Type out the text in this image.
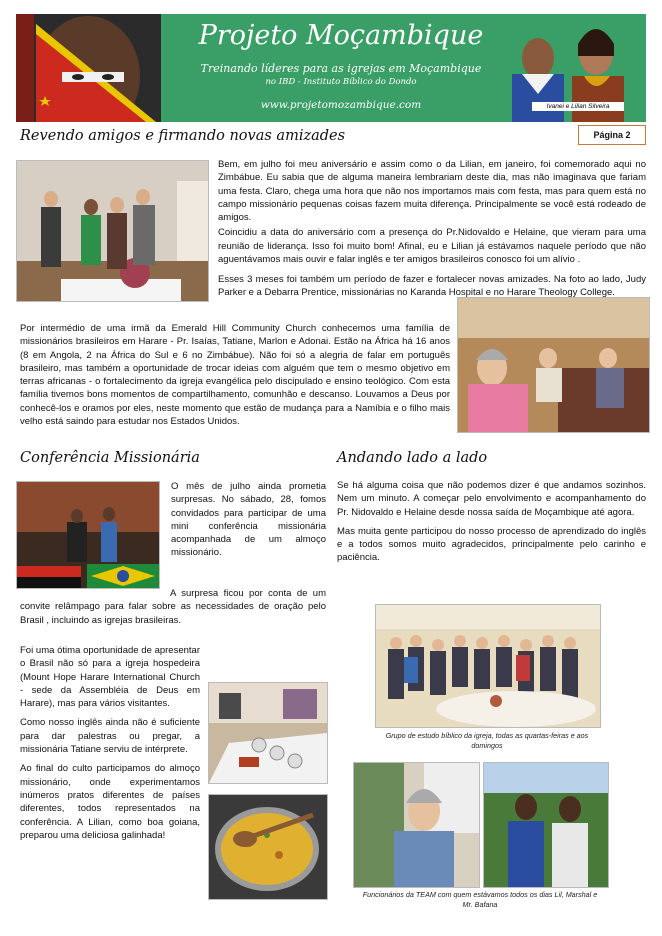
Projeto Moçambique
Treinando líderes para as igrejas em Moçambique
no IBD - Instituto Bíblico do Dondo
www.projetomozambique.com	Ivanei e Lilian Silveira
Revendo amigos e firmando novas amizades	Página 2

Bem, em julho foi meu aniversário e assim como o da Lilian, em janeiro, foi comemorado aqui no Zimbábue. Eu sabia que de alguma maneira lembrariam deste dia, mas não imaginava que fariam uma festa. Claro, chega uma hora que não nos importamos mais com festa, mas para quem está no campo missionário pequenas coisas fazem muita diferença. Principalmente se você está rodeado de amigos.

Coincidiu a data do aniversário com a presença do Pr.Nidovaldo e Helaine, que vieram para uma reunião de liderança. Isso foi muito bom! Afinal, eu e Lilian já estávamos naquele período que não aguentávamos mais ouvir e falar inglês e ter amigos brasileiros conosco foi um alívio .

Esses 3 meses foi também um período de fazer e fortalecer novas amizades. Na foto ao lado, Judy Parker e a Debarra Prentice, missionárias no Karanda Hospital e no Harare Theology College.

Por intermédio de uma irmã da Emerald Hill Community Church conhecemos uma família de missionários brasileiros em Harare - Pr. Isaías, Tatiane, Marlon e Adonai. Estão na África há 16 anos (8 em Angola, 2 na África do Sul e 6 no Zimbábue). Não foi só a alegria de falar em português brasileiro, mas também a oportunidade de trocar ideias com alguém que tem o mesmo objetivo em terras africanas - o fortalecimento da igreja evangélica pelo discipulado e ensino teológico. Com esta família tivemos bons momentos de compartilhamento, comunhão e descanso. Louvamos a Deus por conhecê-los e oramos por eles, neste momento que estão de mudança para a Namíbia e o filho mais velho está saindo para estudar nos Estados Unidos.

Conferência Missionária

O mês de julho ainda prometia surpresas. No sábado, 28, fomos convidados para participar de uma mini conferência missionária acompanhada de um almoço missionário.

A surpresa ficou por conta de um convite relâmpago para falar sobre as necessidades de oração pelo Brasil , incluindo as igrejas brasileiras.

Foi uma ótima oportunidade de apresentar o Brasil não só para a igreja hospedeira (Mount Hope Harare International Church - sede da Assembléia de Deus em Harare), mas para vários visitantes.

Como nosso inglês ainda não é suficiente para dar palestras ou pregar, a missionária Tatiane serviu de intérprete.

Ao final do culto participamos do almoço missionário, onde experimentamos inúmeros pratos diferentes de países diferentes, todos representados na conferência. A Lilian, como boa goiana, preparou uma deliciosa galinhada!

Andando lado a lado

Se há alguma coisa que não podemos dizer é que andamos sozinhos. Nem um minuto. A começar pelo envolvimento e acompanhamento do Pr. Nidovaldo e Helaine desde nossa saída de Moçambique até agora.

Mas muita gente participou do nosso processo de aprendizado do inglês e a todos somos muito agradecidos, principalmente pelo carinho e paciência.

Grupo de estudo bíblico da igreja, todas as quartas-feiras e aos domingos
Funcionários da TEAM com quem estávamos todos os dias Lil, Marshal e Mr. Bafana
